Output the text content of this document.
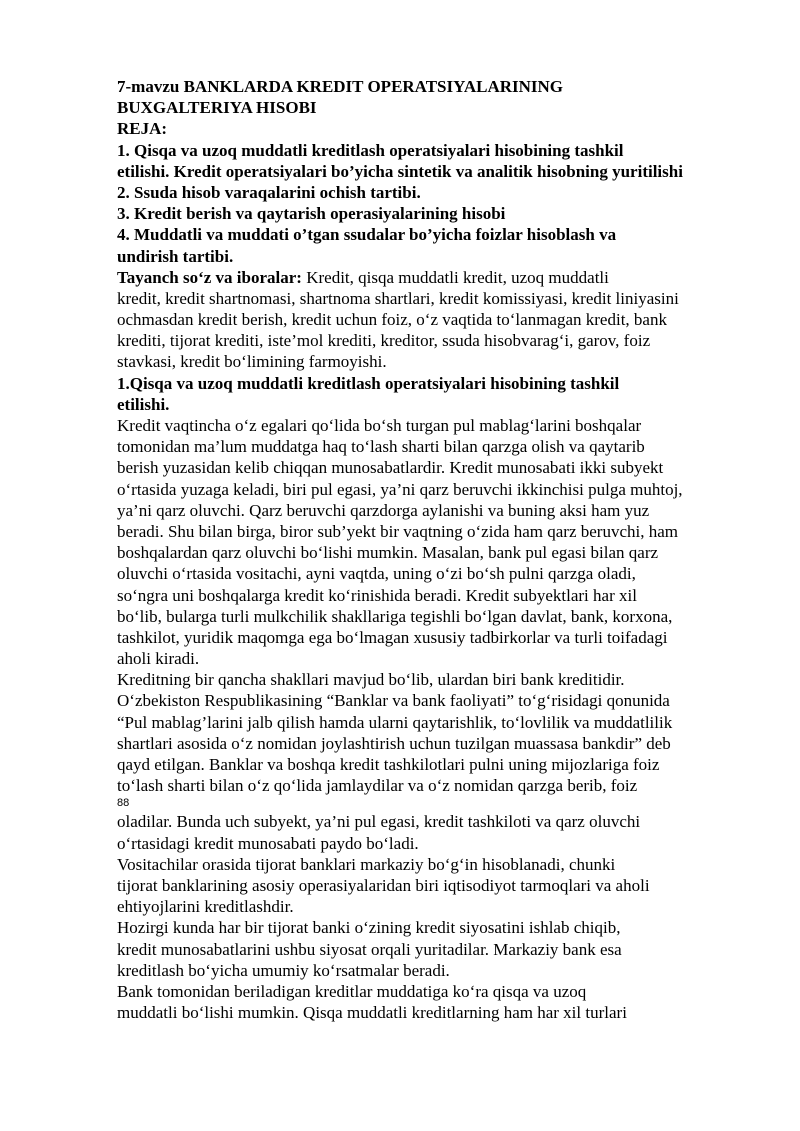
7-mavzu BANKLARDA KREDIT OPERATSIYALARINING
BUXGALTERIYA HISOBI
REJA:
1. Qisqa va uzoq muddatli kreditlash operatsiyalari hisobining tashkil
etilishi. Kredit operatsiyalari bo’yicha sintetik va analitik hisobning yuritilishi
2. Ssuda hisob varaqalarini ochish tartibi.
3. Kredit berish va qaytarish operasiyalarining hisobi
4. Muddatli va muddati o’tgan ssudalar bo’yicha foizlar hisoblash va
undirish tartibi.
Tayanch so‘z va iboralar: Kredit, qisqa muddatli kredit, uzoq muddatli
kredit, kredit shartnomasi, shartnoma shartlari, kredit komissiyasi, kredit liniyasini
ochmasdan kredit berish, kredit uchun foiz, o‘z vaqtida to‘lanmagan kredit, bank
krediti, tijorat krediti, iste’mol krediti, kreditor, ssuda hisobvarag‘i, garov, foiz
stavkasi, kredit bo‘limining farmoyishi.
1.Qisqa va uzoq muddatli kreditlash operatsiyalari hisobining tashkil
etilishi.
Kredit vaqtincha o‘z egalari qo‘lida bo‘sh turgan pul mablag‘larini boshqalar
tomonidan ma’lum muddatga haq to‘lash sharti bilan qarzga olish va qaytarib
berish yuzasidan kelib chiqqan munosabatlardir. Kredit munosabati ikki subyekt
o‘rtasida yuzaga keladi, biri pul egasi, ya’ni qarz beruvchi ikkinchisi pulga muhtoj,
ya’ni qarz oluvchi. Qarz beruvchi qarzdorga aylanishi va buning aksi ham yuz
beradi. Shu bilan birga, biror sub’yekt bir vaqtning o‘zida ham qarz beruvchi, ham
boshqalardan qarz oluvchi bo‘lishi mumkin. Masalan, bank pul egasi bilan qarz
oluvchi o‘rtasida vositachi, ayni vaqtda, uning o‘zi bo‘sh pulni qarzga oladi,
so‘ngra uni boshqalarga kredit ko‘rinishida beradi. Kredit subyektlari har xil
bo‘lib, bularga turli mulkchilik shakllariga tegishli bo‘lgan davlat, bank, korxona,
tashkilot, yuridik maqomga ega bo‘lmagan xususiy tadbirkorlar va turli toifadagi
aholi kiradi.
Kreditning bir qancha shakllari mavjud bo‘lib, ulardan biri bank kreditidir.
O‘zbekiston Respublikasining “Banklar va bank faoliyati” to‘g‘risidagi qonunida
“Pul mablag’larini jalb qilish hamda ularni qaytarishlik, to‘lovlilik va muddatlilik
shartlari asosida o‘z nomidan joylashtirish uchun tuzilgan muassasa bankdir” deb
qayd etilgan. Banklar va boshqa kredit tashkilotlari pulni uning mijozlariga foiz
to‘lash sharti bilan o‘z qo‘lida jamlaydilar va o‘z nomidan qarzga berib, foiz
88
oladilar. Bunda uch subyekt, ya’ni pul egasi, kredit tashkiloti va qarz oluvchi
o‘rtasidagi kredit munosabati paydo bo‘ladi.
Vositachilar orasida tijorat banklari markaziy bo‘g‘in hisoblanadi, chunki
tijorat banklarining asosiy operasiyalaridan biri iqtisodiyot tarmoqlari va aholi
ehtiyojlarini kreditlashdir.
Hozirgi kunda har bir tijorat banki o‘zining kredit siyosatini ishlab chiqib,
kredit munosabatlarini ushbu siyosat orqali yuritadilar. Markaziy bank esa
kreditlash bo‘yicha umumiy ko‘rsatmalar beradi.
Bank tomonidan beriladigan kreditlar muddatiga ko‘ra qisqa va uzoq
muddatli bo‘lishi mumkin. Qisqa muddatli kreditlarning ham har xil turlari
